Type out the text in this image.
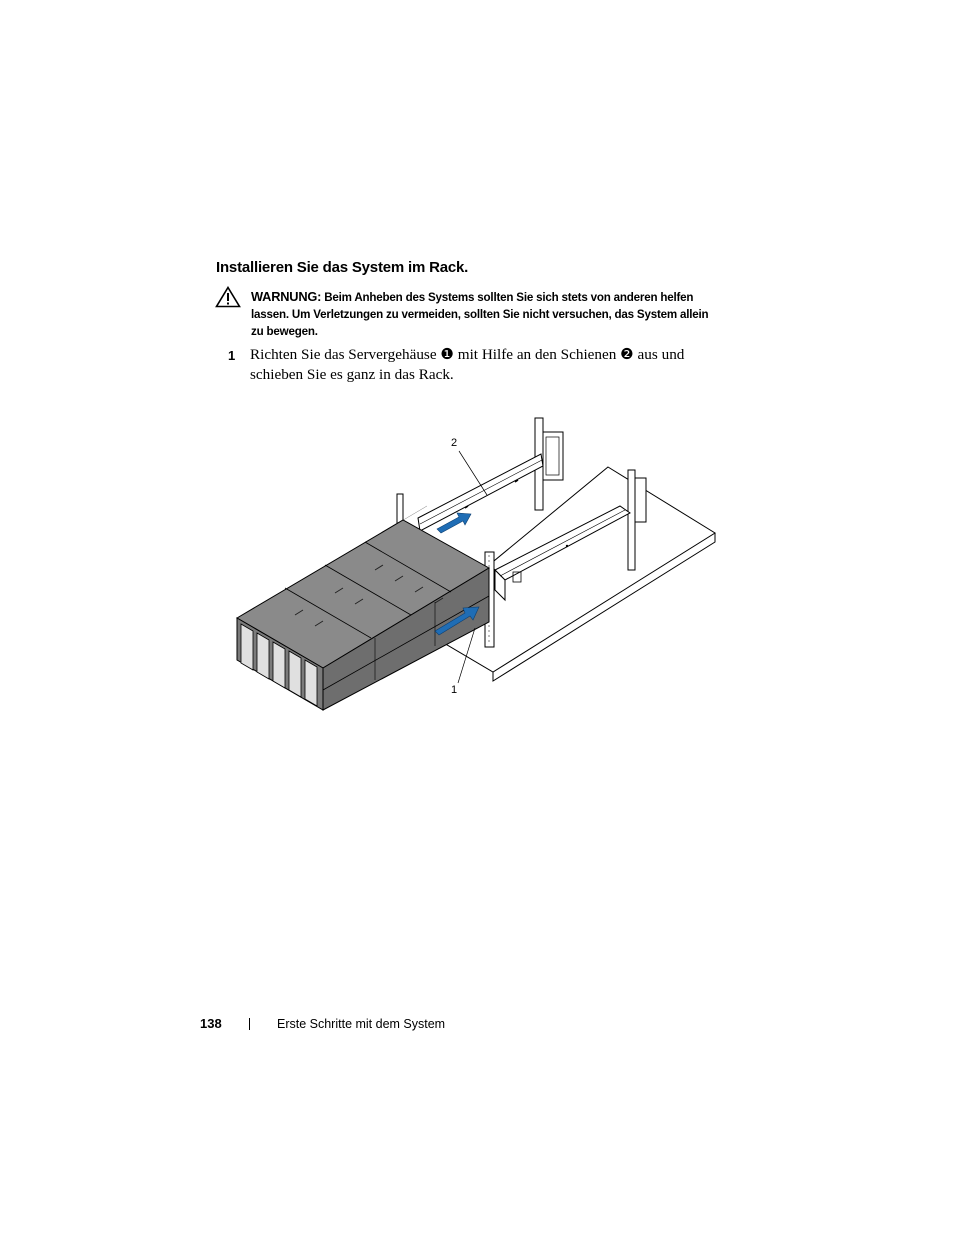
Installieren Sie das System im Rack.
WARNUNG: Beim Anheben des Systems sollten Sie sich stets von anderen helfen lassen. Um Verletzungen zu vermeiden, sollten Sie nicht versuchen, das System allein zu bewegen.
1 Richten Sie das Servergehäuse ❶ mit Hilfe an den Schienen ❷ aus und schieben Sie es ganz in das Rack.
2
1
138	Erste Schritte mit dem System
